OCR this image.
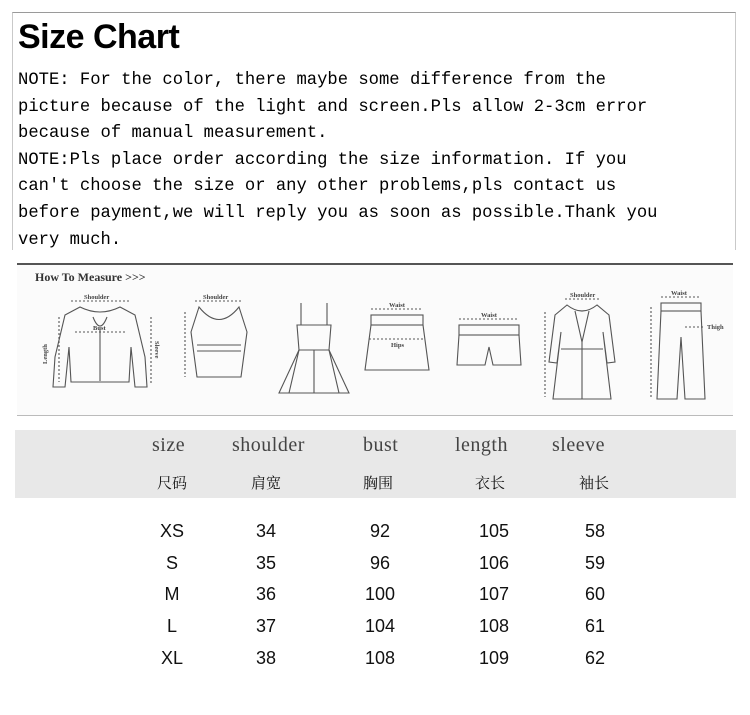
Size Chart

NOTE: For the color, there maybe some difference from the

picture because of the light and screen.Pls allow 2-3cm error

because of manual measurement.

NOTE:Pls place order according the size information. If you

can't choose the size or any other problems,pls contact us

before payment,we will reply you as soon as possible.Thank you

very much.

How To Measure >>>
Shoulder
Bust
Length	Sleeve
Shoulder
Waist
Hips
Waist
Shoulder	Waist
Thigh
size shoulder	bust	length sleeve
尺码	肩宽	胸围	衣长	袖长
XS	34	92	105	58
S	35	96	106	59
M	36	100	107	60
L	37	104	108	61
XL	38	108	109	62
